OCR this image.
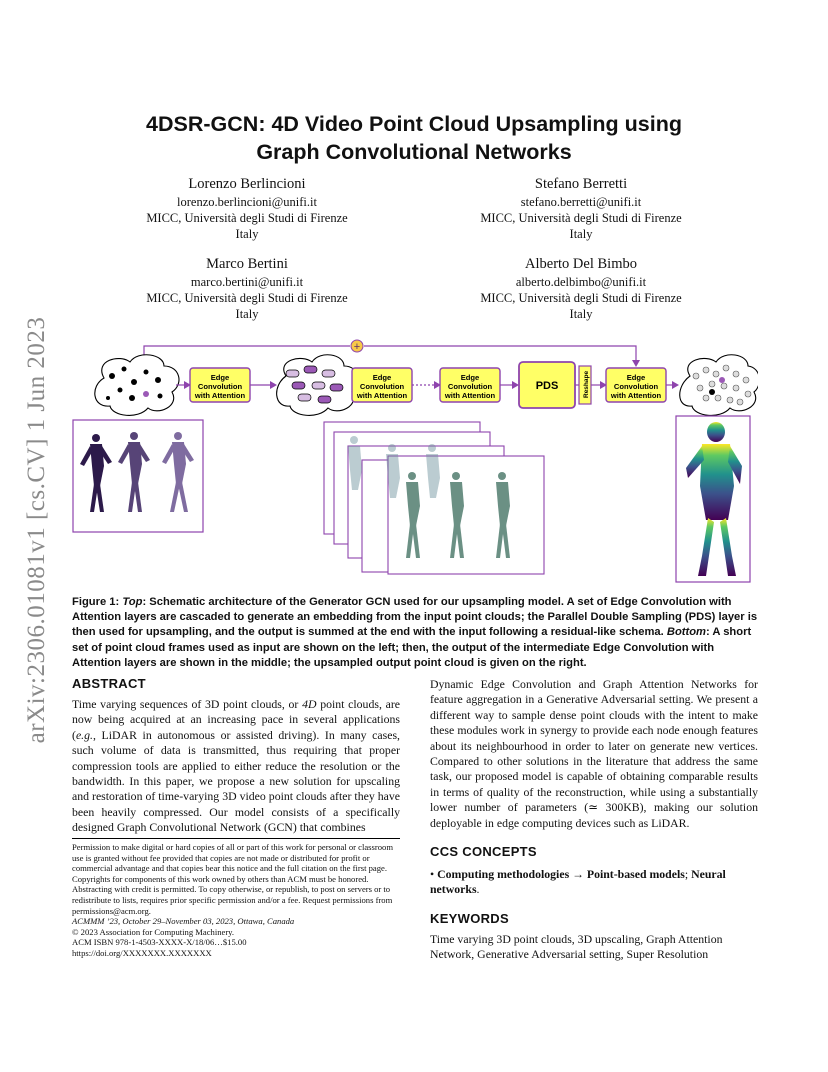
arXiv:2306.01081v1 [cs.CV] 1 Jun 2023
4DSR-GCN: 4D Video Point Cloud Upsampling using
Graph Convolutional Networks
Lorenzo Berlincioni
lorenzo.berlincioni@unifi.it
MICC, Università degli Studi di Firenze
Italy
Stefano Berretti
stefano.berretti@unifi.it
MICC, Università degli Studi di Firenze
Italy
Marco Bertini
marco.bertini@unifi.it
MICC, Università degli Studi di Firenze
Italy
Alberto Del Bimbo
alberto.delbimbo@unifi.it
MICC, Università degli Studi di Firenze
Italy
+
Edge
Convolution
with Attention
Edge
Convolution
with Attention
Edge
Convolution
with Attention
PDS	Reshape	Edge
Convolution
with Attention
Figure 1: Top: Schematic architecture of the Generator GCN used for our upsampling model. A set of Edge Convolution with Attention layers are cascaded to generate an embedding from the input point clouds; the Parallel Double Sampling (PDS) layer is then used for upsampling, and the output is summed at the end with the input following a residual-like schema. Bottom: A short set of point cloud frames used as input are shown on the left; then, the output of the intermediate Edge Convolution with Attention layers are shown in the middle; the upsampled output point cloud is given on the right.
ABSTRACT

Time varying sequences of 3D point clouds, or 4D point clouds, are now being acquired at an increasing pace in several applications (e.g., LiDAR in autonomous or assisted driving). In many cases, such volume of data is transmitted, thus requiring that proper compression tools are applied to either reduce the resolution or the bandwidth. In this paper, we propose a new solution for upscaling and restoration of time-varying 3D video point clouds after they have been heavily compressed. Our model consists of a specifically designed Graph Convolutional Network (GCN) that combines

Permission to make digital or hard copies of all or part of this work for personal or classroom use is granted without fee provided that copies are not made or distributed for profit or commercial advantage and that copies bear this notice and the full citation on the first page. Copyrights for components of this work owned by others than ACM must be honored. Abstracting with credit is permitted. To copy otherwise, or republish, to post on servers or to redistribute to lists, requires prior specific permission and/or a fee. Request permissions from permissions@acm.org.

ACMMM ’23, October 29–November 03, 2023, Ottawa, Canada

© 2023 Association for Computing Machinery.

ACM ISBN 978-1-4503-XXXX-X/18/06…$15.00

https://doi.org/XXXXXXX.XXXXXXX

Dynamic Edge Convolution and Graph Attention Networks for feature aggregation in a Generative Adversarial setting. We present a different way to sample dense point clouds with the intent to make these modules work in synergy to provide each node enough features about its neighbourhood in order to later on generate new vertices. Compared to other solutions in the literature that address the same task, our proposed model is capable of obtaining comparable results in terms of quality of the reconstruction, while using a substantially lower number of parameters (≃ 300KB), making our solution deployable in edge computing devices such as LiDAR.

CCS CONCEPTS

• Computing methodologies → Point-based models; Neural networks.

KEYWORDS

Time varying 3D point clouds, 3D upscaling, Graph Attention Network, Generative Adversarial setting, Super Resolution
